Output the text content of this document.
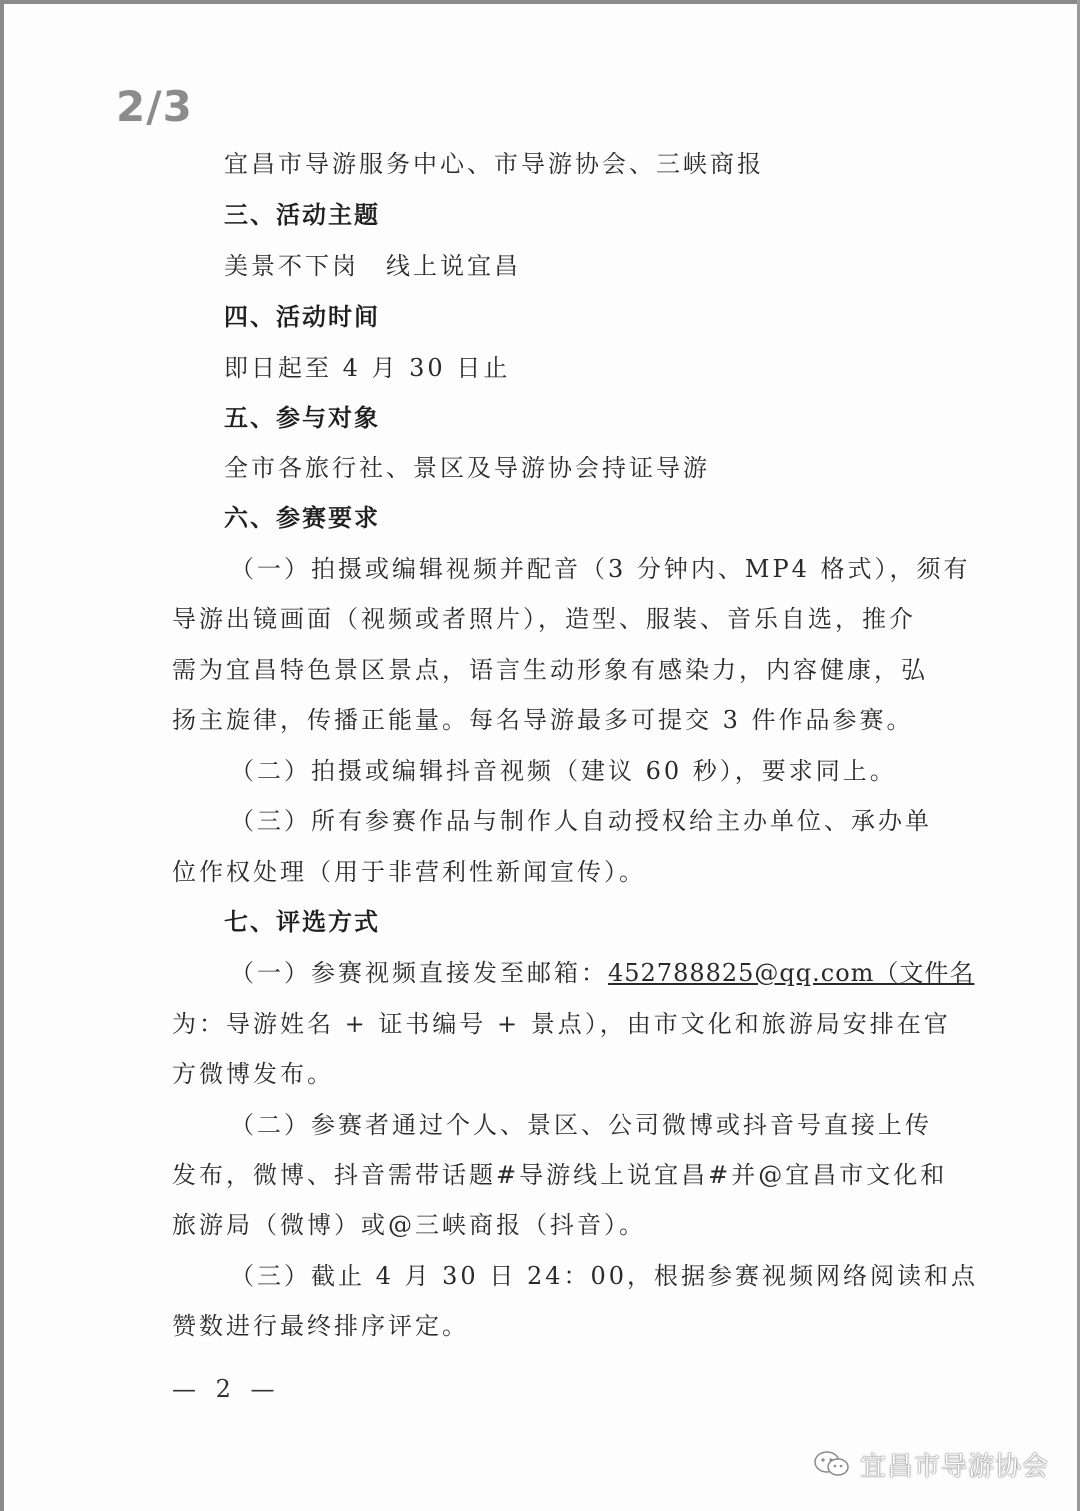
2/3
宜昌市导游服务中心、市导游协会、三峡商报
三、活动主题
美景不下岗　线上说宜昌
四、活动时间
即日起至 4 月 30 日止
五、参与对象
全市各旅行社、景区及导游协会持证导游
六、参赛要求
（一）拍摄或编辑视频并配音（3 分钟内、MP4 格式），须有
导游出镜画面（视频或者照片），造型、服装、音乐自选，推介
需为宜昌特色景区景点，语言生动形象有感染力，内容健康，弘
扬主旋律，传播正能量。每名导游最多可提交 3 件作品参赛。
（二）拍摄或编辑抖音视频（建议 60 秒），要求同上。
（三）所有参赛作品与制作人自动授权给主办单位、承办单
位作权处理（用于非营利性新闻宣传）。
七、评选方式
（一）参赛视频直接发至邮箱：452788825@qq.com（文件名
为：导游姓名 + 证书编号 + 景点），由市文化和旅游局安排在官
方微博发布。
（二）参赛者通过个人、景区、公司微博或抖音号直接上传
发布，微博、抖音需带话题#导游线上说宜昌#并@宜昌市文化和
旅游局（微博）或@三峡商报（抖音）。
（三）截止 4 月 30 日 24：00，根据参赛视频网络阅读和点
赞数进行最终排序评定。
— 2 —
宜昌市导游协会
